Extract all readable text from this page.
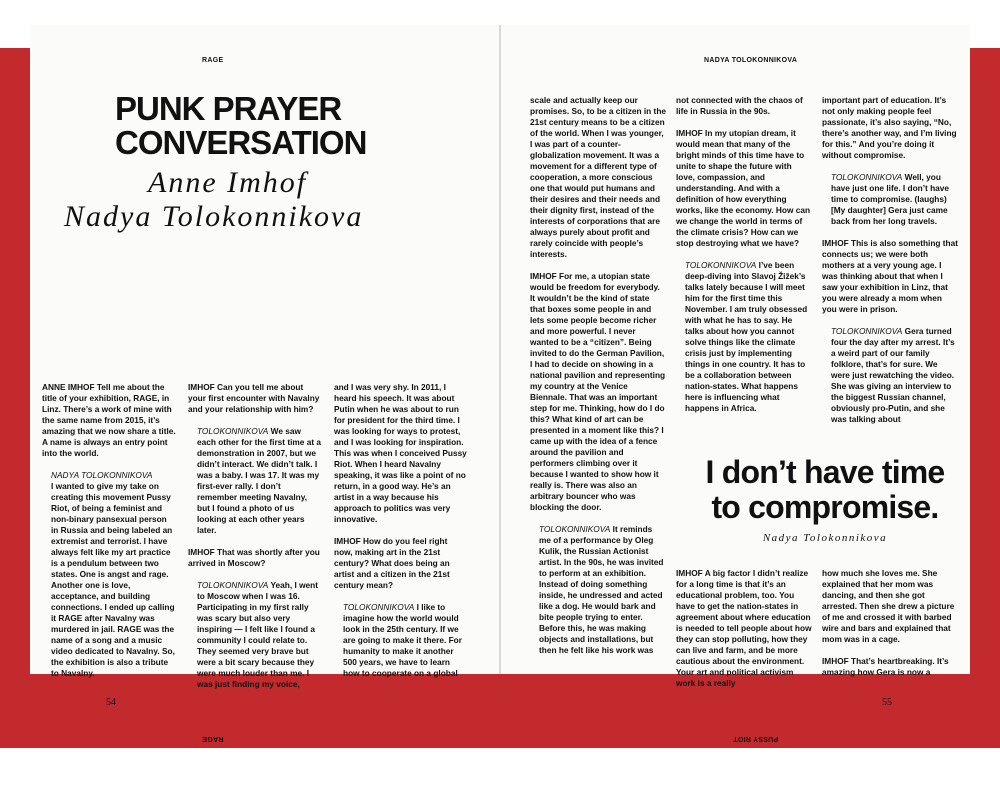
RAGE	NADYA TOLOKONNIKOVA
RAGE	PUSSY RIOT
PUNK PRAYER
CONVERSATION
Anne Imhof
Nadya Tolokonnikova

ANNE IMHOF Tell me about the title of your exhibition, RAGE, in Linz. There’s a work of mine with the same name from 2015, it’s amazing that we now share a title. A name is always an entry point into the world.

NADYA TOLOKONNIKOVA
I wanted to give my take on creating this movement Pussy Riot, of being a feminist and non-binary pansexual person in Russia and being labeled an extremist and terrorist. I have always felt like my art practice is a pendulum between two states. One is angst and rage. Another one is love, acceptance, and building connections. I ended up calling it RAGE after Navalny was murdered in jail. RAGE was the name of a song and a music video dedicated to Navalny. So, the exhibition is also a tribute to Navalny.

IMHOF Can you tell me about your first encounter with Navalny and your relationship with him?

TOLOKONNIKOVA We saw each other for the first time at a demonstration in 2007, but we didn’t interact. We didn’t talk. I was a baby. I was 17. It was my first-ever rally. I don’t remember meeting Navalny, but I found a photo of us looking at each other years later.

IMHOF That was shortly after you arrived in Moscow?

TOLOKONNIKOVA Yeah, I went to Moscow when I was 16. Participating in my first rally was scary but also very inspiring — I felt like I found a community I could relate to. They seemed very brave but were a bit scary because they were much louder than me. I was just finding my voice,

and I was very shy. In 2011, I heard his speech. It was about Putin when he was about to run for president for the third time. I was looking for ways to protest, and I was looking for inspiration. This was when I conceived Pussy Riot. When I heard Navalny speaking, it was like a point of no return, in a good way. He’s an artist in a way because his approach to politics was very innovative.

IMHOF How do you feel right now, making art in the 21st century? What does being an artist and a citizen in the 21st century mean?

TOLOKONNIKOVA I like to imagine how the world would look in the 25th century. If we are going to make it there. For humanity to make it another 500 years, we have to learn how to cooperate on a global

scale and actually keep our promises. So, to be a citizen in the 21st century means to be a citizen of the world. When I was younger, I was part of a counter-globalization movement. It was a movement for a different type of cooperation, a more conscious one that would put humans and their desires and their needs and their dignity first, instead of the interests of corporations that are always purely about profit and rarely coincide with people’s interests.

IMHOF For me, a utopian state would be freedom for everybody. It wouldn’t be the kind of state that boxes some people in and lets some people become richer and more powerful. I never wanted to be a “citizen”. Being invited to do the German Pavilion, I had to decide on showing in a national pavilion and representing my country at the Venice Biennale. That was an important step for me. Thinking, how do I do this? What kind of art can be presented in a moment like this? I came up with the idea of a fence around the pavilion and performers climbing over it because I wanted to show how it really is. There was also an arbitrary bouncer who was blocking the door.

TOLOKONNIKOVA It reminds me of a performance by Oleg Kulik, the Russian Actionist artist. In the 90s, he was invited to perform at an exhibition. Instead of doing something inside, he undressed and acted like a dog. He would bark and bite people trying to enter. Before this, he was making objects and installations, but then he felt like his work was

not connected with the chaos of life in Russia in the 90s.

IMHOF In my utopian dream, it would mean that many of the bright minds of this time have to unite to shape the future with love, compassion, and understanding. And with a definition of how everything works, like the economy. How can we change the world in terms of the climate crisis? How can we stop destroying what we have?

TOLOKONNIKOVA I’ve been deep-diving into Slavoj Žižek’s talks lately because I will meet him for the first time this November. I am truly obsessed with what he has to say. He talks about how you cannot solve things like the climate crisis just by implementing things in one country. It has to be a collaboration between nation-states. What happens here is influencing what happens in Africa.

important part of education. It’s not only making people feel passionate, it’s also saying, “No, there’s another way, and I’m living for this.” And you’re doing it without compromise.

TOLOKONNIKOVA Well, you have just one life. I don’t have time to compromise. (laughs) [My daughter] Gera just came back from her long travels.

IMHOF This is also something that connects us; we were both mothers at a very young age. I was thinking about that when I saw your exhibition in Linz, that you were already a mom when you were in prison.

TOLOKONNIKOVA Gera turned four the day after my arrest. It’s a weird part of our family folklore, that’s for sure. We were just rewatching the video. She was giving an interview to the biggest Russian channel, obviously pro-Putin, and she was talking about

IMHOF A big factor I didn’t realize for a long time is that it’s an educational problem, too. You have to get the nation-states in agreement about where education is needed to tell people about how they can stop polluting, how they can live and farm, and be more cautious about the environment. Your art and political activism work is a really

how much she loves me. She explained that her mom was dancing, and then she got arrested. Then she drew a picture of me and crossed it with barbed wire and bars and explained that mom was in a cage.

IMHOF That’s heartbreaking. It’s amazing how Gera is now a

I don’t have time
to compromise.
Nadya Tolokonnikova
54	55
